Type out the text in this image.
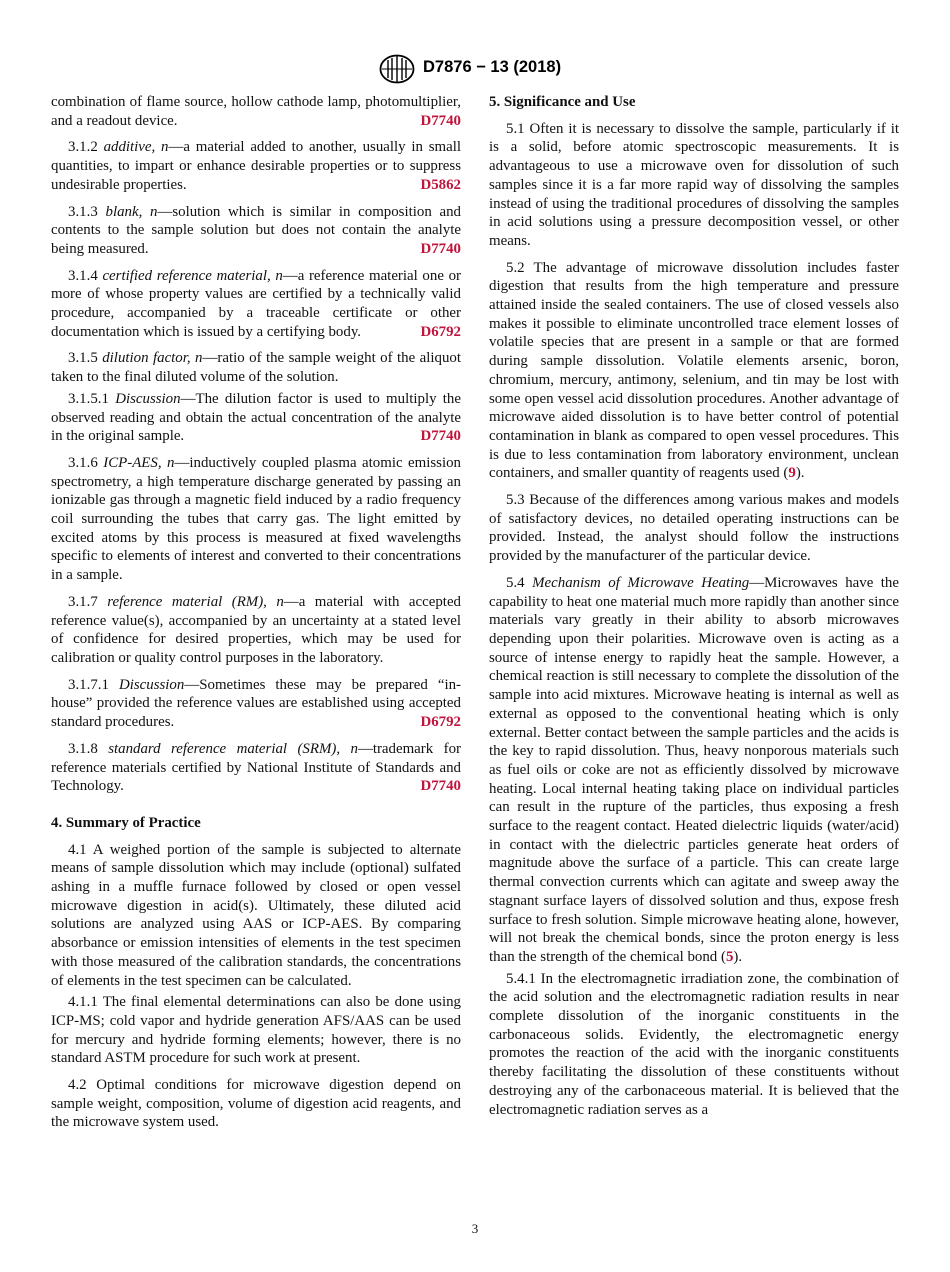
D7876 − 13 (2018)

combination of flame source, hollow cathode lamp, photomultiplier, and a readout device.	D7740

3.1.2 additive, n—a material added to another, usually in small quantities, to impart or enhance desirable properties or to suppress undesirable properties.	D5862

3.1.3 blank, n—solution which is similar in composition and contents to the sample solution but does not contain the analyte being measured.	D7740

3.1.4 certified reference material, n—a reference material one or more of whose property values are certified by a technically valid procedure, accompanied by a traceable certificate or other documentation which is issued by a certifying body.	D6792

3.1.5 dilution factor, n—ratio of the sample weight of the aliquot taken to the final diluted volume of the solution.

3.1.5.1 Discussion—The dilution factor is used to multiply the observed reading and obtain the actual concentration of the analyte in the original sample.	D7740

3.1.6 ICP-AES, n—inductively coupled plasma atomic emission spectrometry, a high temperature discharge generated by passing an ionizable gas through a magnetic field induced by a radio frequency coil surrounding the tubes that carry gas. The light emitted by excited atoms by this process is measured at fixed wavelengths specific to elements of interest and converted to their concentrations in a sample.

3.1.7 reference material (RM), n—a material with accepted reference value(s), accompanied by an uncertainty at a stated level of confidence for desired properties, which may be used for calibration or quality control purposes in the laboratory.

3.1.7.1 Discussion—Sometimes these may be prepared “in-house” provided the reference values are established using accepted standard procedures.	D6792

3.1.8 standard reference material (SRM), n—trademark for reference materials certified by National Institute of Standards and Technology.	D7740

4. Summary of Practice

4.1 A weighed portion of the sample is subjected to alternate means of sample dissolution which may include (optional) sulfated ashing in a muffle furnace followed by closed or open vessel microwave digestion in acid(s). Ultimately, these diluted acid solutions are analyzed using AAS or ICP-AES. By comparing absorbance or emission intensities of elements in the test specimen with those measured of the calibration standards, the concentrations of elements in the test specimen can be calculated.

4.1.1 The final elemental determinations can also be done using ICP-MS; cold vapor and hydride generation AFS/AAS can be used for mercury and hydride forming elements; however, there is no standard ASTM procedure for such work at present.

4.2 Optimal conditions for microwave digestion depend on sample weight, composition, volume of digestion acid reagents, and the microwave system used.

5. Significance and Use

5.1 Often it is necessary to dissolve the sample, particularly if it is a solid, before atomic spectroscopic measurements. It is advantageous to use a microwave oven for dissolution of such samples since it is a far more rapid way of dissolving the samples instead of using the traditional procedures of dissolving the samples in acid solutions using a pressure decomposition vessel, or other means.

5.2 The advantage of microwave dissolution includes faster digestion that results from the high temperature and pressure attained inside the sealed containers. The use of closed vessels also makes it possible to eliminate uncontrolled trace element losses of volatile species that are present in a sample or that are formed during sample dissolution. Volatile elements arsenic, boron, chromium, mercury, antimony, selenium, and tin may be lost with some open vessel acid dissolution procedures. Another advantage of microwave aided dissolution is to have better control of potential contamination in blank as compared to open vessel procedures. This is due to less contamination from laboratory environment, unclean containers, and smaller quantity of reagents used (9).

5.3 Because of the differences among various makes and models of satisfactory devices, no detailed operating instructions can be provided. Instead, the analyst should follow the instructions provided by the manufacturer of the particular device.

5.4 Mechanism of Microwave Heating—Microwaves have the capability to heat one material much more rapidly than another since materials vary greatly in their ability to absorb microwaves depending upon their polarities. Microwave oven is acting as a source of intense energy to rapidly heat the sample. However, a chemical reaction is still necessary to complete the dissolution of the sample into acid mixtures. Microwave heating is internal as well as external as opposed to the conventional heating which is only external. Better contact between the sample particles and the acids is the key to rapid dissolution. Thus, heavy nonporous materials such as fuel oils or coke are not as efficiently dissolved by microwave heating. Local internal heating taking place on individual particles can result in the rupture of the particles, thus exposing a fresh surface to the reagent contact. Heated dielectric liquids (water/acid) in contact with the dielectric particles generate heat orders of magnitude above the surface of a particle. This can create large thermal convection currents which can agitate and sweep away the stagnant surface layers of dissolved solution and thus, expose fresh surface to fresh solution. Simple microwave heating alone, however, will not break the chemical bonds, since the proton energy is less than the strength of the chemical bond (5).

5.4.1 In the electromagnetic irradiation zone, the combination of the acid solution and the electromagnetic radiation results in near complete dissolution of the inorganic constituents in the carbonaceous solids. Evidently, the electromagnetic energy promotes the reaction of the acid with the inorganic constituents thereby facilitating the dissolution of these constituents without destroying any of the carbonaceous material. It is believed that the electromagnetic radiation serves as a

3
